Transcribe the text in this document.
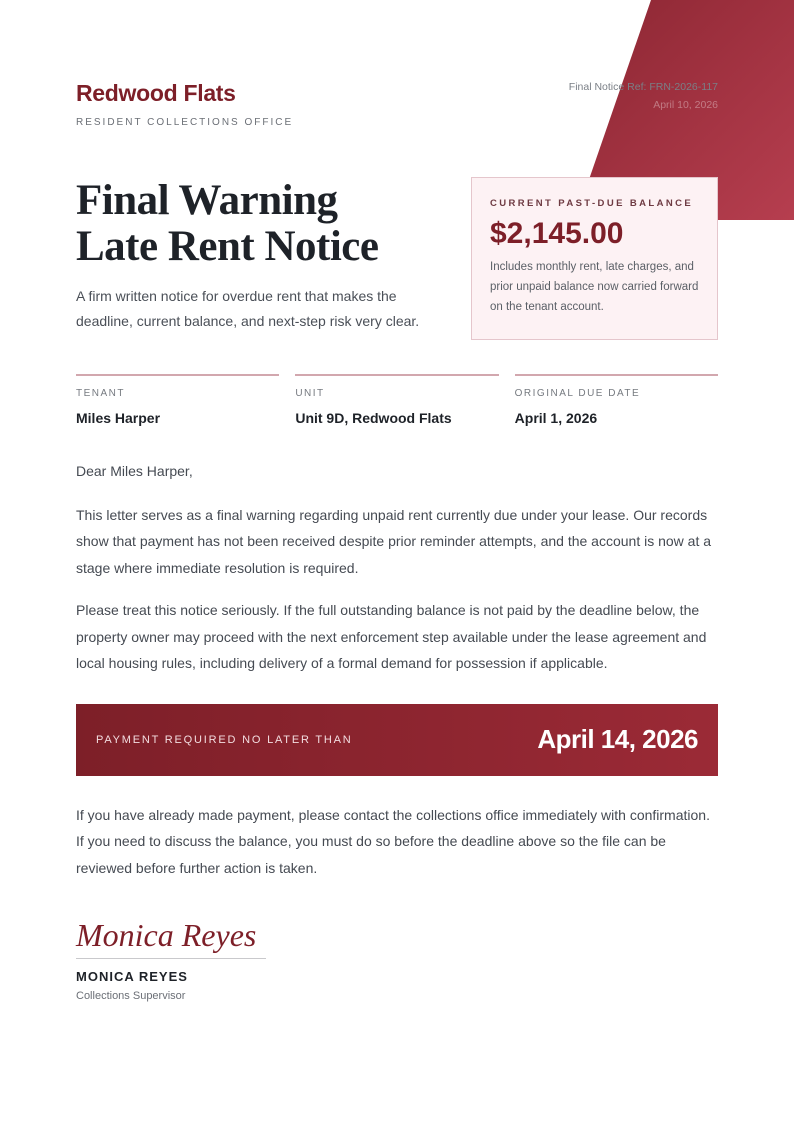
Redwood Flats
RESIDENT COLLECTIONS OFFICE
Final Notice Ref: FRN-2026-117
April 10, 2026
Final Warning
Late Rent Notice
A firm written notice for overdue rent that makes the deadline, current balance, and next-step risk very clear.
CURRENT PAST-DUE BALANCE
$2,145.00
Includes monthly rent, late charges, and prior unpaid balance now carried forward on the tenant account.
TENANT
Miles Harper
UNIT
Unit 9D, Redwood Flats
ORIGINAL DUE DATE
April 1, 2026
Dear Miles Harper,
This letter serves as a final warning regarding unpaid rent currently due under your lease. Our records show that payment has not been received despite prior reminder attempts, and the account is now at a stage where immediate resolution is required.
Please treat this notice seriously. If the full outstanding balance is not paid by the deadline below, the property owner may proceed with the next enforcement step available under the lease agreement and local housing rules, including delivery of a formal demand for possession if applicable.
PAYMENT REQUIRED NO LATER THAN	April 14, 2026
If you have already made payment, please contact the collections office immediately with confirmation. If you need to discuss the balance, you must do so before the deadline above so the file can be reviewed before further action is taken.
Monica Reyes
MONICA REYES
Collections Supervisor
